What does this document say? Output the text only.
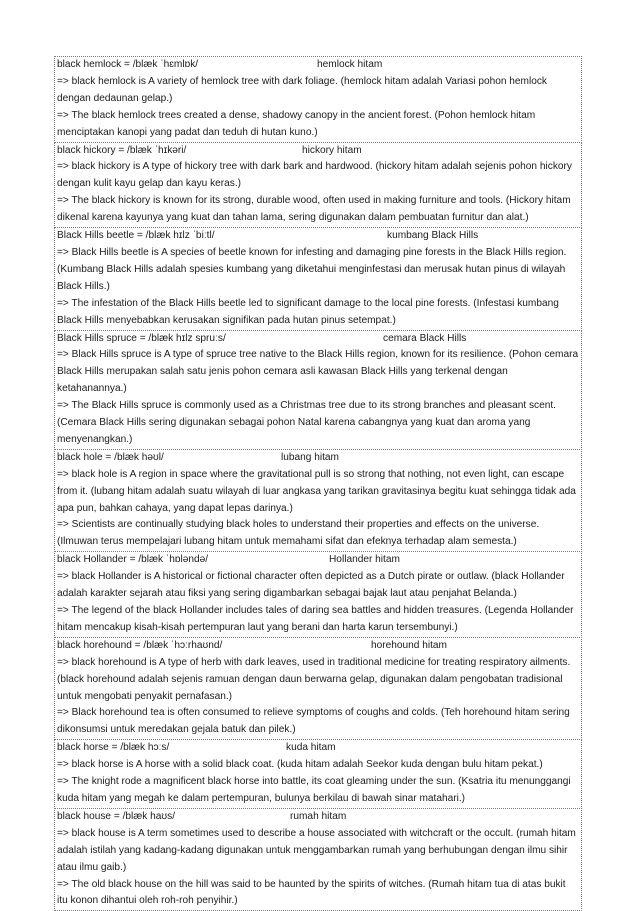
black hemlock = /blæk ˈhɛmlɒk/	hemlock hitam
=> black hemlock is A variety of hemlock tree with dark foliage. (hemlock hitam adalah Variasi pohon hemlock dengan dedaunan gelap.)
=> The black hemlock trees created a dense, shadowy canopy in the ancient forest. (Pohon hemlock hitam menciptakan kanopi yang padat dan teduh di hutan kuno.)
black hickory = /blæk ˈhɪkəri/	hickory hitam
=> black hickory is A type of hickory tree with dark bark and hardwood. (hickory hitam adalah sejenis pohon hickory dengan kulit kayu gelap dan kayu keras.)
=> The black hickory is known for its strong, durable wood, often used in making furniture and tools. (Hickory hitam dikenal karena kayunya yang kuat dan tahan lama, sering digunakan dalam pembuatan furnitur dan alat.)
Black Hills beetle = /blæk hɪlz ˈbiːtl/	kumbang Black Hills
=> Black Hills beetle is A species of beetle known for infesting and damaging pine forests in the Black Hills region. (Kumbang Black Hills adalah spesies kumbang yang diketahui menginfestasi dan merusak hutan pinus di wilayah Black Hills.)
=> The infestation of the Black Hills beetle led to significant damage to the local pine forests. (Infestasi kumbang Black Hills menyebabkan kerusakan signifikan pada hutan pinus setempat.)
Black Hills spruce = /blæk hɪlz spruːs/	cemara Black Hills
=> Black Hills spruce is A type of spruce tree native to the Black Hills region, known for its resilience. (Pohon cemara Black Hills merupakan salah satu jenis pohon cemara asli kawasan Black Hills yang terkenal dengan ketahanannya.)
=> The Black Hills spruce is commonly used as a Christmas tree due to its strong branches and pleasant scent. (Cemara Black Hills sering digunakan sebagai pohon Natal karena cabangnya yang kuat dan aroma yang menyenangkan.)
black hole = /blæk həʊl/	lubang hitam
=> black hole is A region in space where the gravitational pull is so strong that nothing, not even light, can escape from it. (lubang hitam adalah suatu wilayah di luar angkasa yang tarikan gravitasinya begitu kuat sehingga tidak ada apa pun, bahkan cahaya, yang dapat lepas darinya.)
=> Scientists are continually studying black holes to understand their properties and effects on the universe. (Ilmuwan terus mempelajari lubang hitam untuk memahami sifat dan efeknya terhadap alam semesta.)
black Hollander = /blæk ˈhɒləndə/	Hollander hitam
=> black Hollander is A historical or fictional character often depicted as a Dutch pirate or outlaw. (black Hollander adalah karakter sejarah atau fiksi yang sering digambarkan sebagai bajak laut atau penjahat Belanda.)
=> The legend of the black Hollander includes tales of daring sea battles and hidden treasures. (Legenda Hollander hitam mencakup kisah-kisah pertempuran laut yang berani dan harta karun tersembunyi.)
black horehound = /blæk ˈhɔːrhaʊnd/	horehound hitam
=> black horehound is A type of herb with dark leaves, used in traditional medicine for treating respiratory ailments. (black horehound adalah sejenis ramuan dengan daun berwarna gelap, digunakan dalam pengobatan tradisional untuk mengobati penyakit pernafasan.)
=> Black horehound tea is often consumed to relieve symptoms of coughs and colds. (Teh horehound hitam sering dikonsumsi untuk meredakan gejala batuk dan pilek.)
black horse = /blæk hɔːs/	kuda hitam
=> black horse is A horse with a solid black coat. (kuda hitam adalah Seekor kuda dengan bulu hitam pekat.)
=> The knight rode a magnificent black horse into battle, its coat gleaming under the sun. (Ksatria itu menunggangi kuda hitam yang megah ke dalam pertempuran, bulunya berkilau di bawah sinar matahari.)
black house = /blæk haʊs/	rumah hitam
=> black house is A term sometimes used to describe a house associated with witchcraft or the occult. (rumah hitam adalah istilah yang kadang-kadang digunakan untuk menggambarkan rumah yang berhubungan dengan ilmu sihir atau ilmu gaib.)
=> The old black house on the hill was said to be haunted by the spirits of witches. (Rumah hitam tua di atas bukit itu konon dihantui oleh roh-roh penyihir.)
